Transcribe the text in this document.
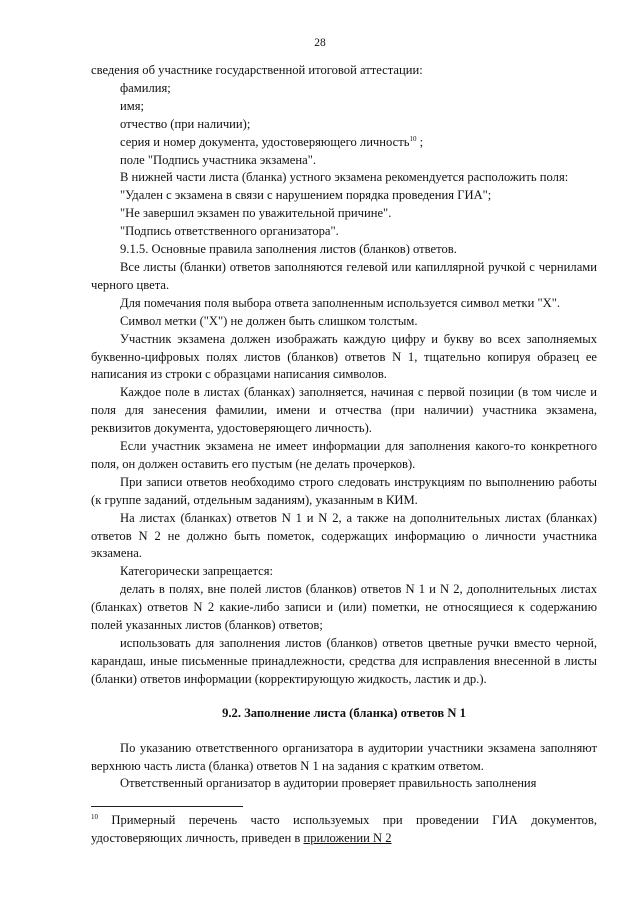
28

сведения об участнике государственной итоговой аттестации:

фамилия;

имя;

отчество (при наличии);

серия и номер документа, удостоверяющего личность$^{10}$ ;

поле "Подпись участника экзамена".

В нижней части листа (бланка) устного экзамена рекомендуется расположить поля:

"Удален с экзамена в связи с нарушением порядка проведения ГИА";

"Не завершил экзамен по уважительной причине".

"Подпись ответственного организатора".

9.1.5. Основные правила заполнения листов (бланков) ответов.

Все листы (бланки) ответов заполняются гелевой или капиллярной ручкой с чернилами черного цвета.

Для помечания поля выбора ответа заполненным используется символ метки "X".

Символ метки ("X") не должен быть слишком толстым.

Участник экзамена должен изображать каждую цифру и букву во всех заполняемых буквенно-цифровых полях листов (бланков) ответов N 1, тщательно копируя образец ее написания из строки с образцами написания символов.

Каждое поле в листах (бланках) заполняется, начиная с первой позиции (в том числе и поля для занесения фамилии, имени и отчества (при наличии) участника экзамена, реквизитов документа, удостоверяющего личность).

Если участник экзамена не имеет информации для заполнения какого-то конкретного поля, он должен оставить его пустым (не делать прочерков).

При записи ответов необходимо строго следовать инструкциям по выполнению работы (к группе заданий, отдельным заданиям), указанным в КИМ.

На листах (бланках) ответов N 1 и N 2, а также на дополнительных листах (бланках) ответов N 2 не должно быть пометок, содержащих информацию о личности участника экзамена.

Категорически запрещается:

делать в полях, вне полей листов (бланков) ответов N 1 и N 2, дополнительных листах (бланках) ответов N 2 какие-либо записи и (или) пометки, не относящиеся к содержанию полей указанных листов (бланков) ответов;

использовать для заполнения листов (бланков) ответов цветные ручки вместо черной, карандаш, иные письменные принадлежности, средства для исправления внесенной в листы (бланки) ответов информации (корректирующую жидкость, ластик и др.).

9.2. Заполнение листа (бланка) ответов N 1

По указанию ответственного организатора в аудитории участники экзамена заполняют верхнюю часть листа (бланка) ответов N 1 на задания с кратким ответом.

Ответственный организатор в аудитории проверяет правильность заполнения

$^{10}$ Примерный перечень часто используемых при проведении ГИА документов, удостоверяющих личность, приведен в приложении N 2
